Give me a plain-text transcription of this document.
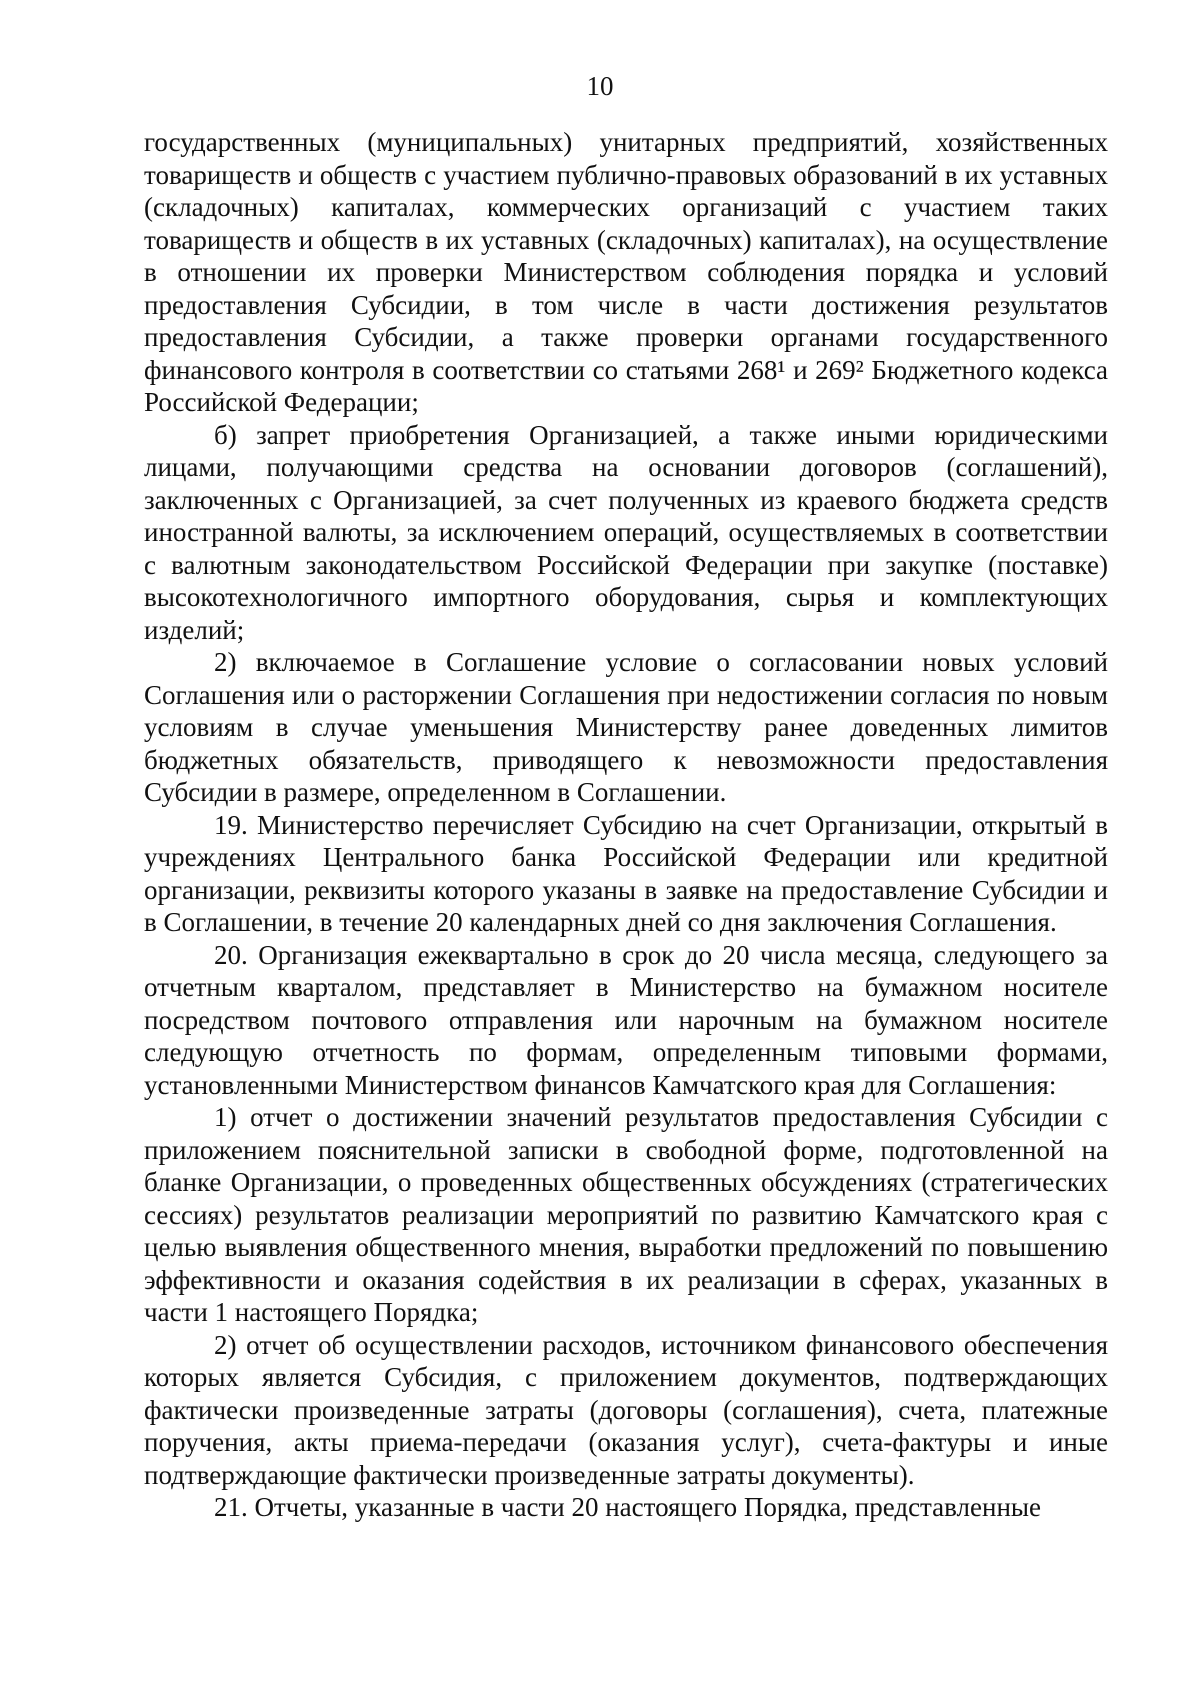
10

государственных (муниципальных) унитарных предприятий, хозяйственных товариществ и обществ с участием публично-правовых образований в их уставных (складочных) капиталах, коммерческих организаций с участием таких товариществ и обществ в их уставных (складочных) капиталах), на осуществление в отношении их проверки Министерством соблюдения порядка и условий предоставления Субсидии, в том числе в части достижения результатов предоставления Субсидии, а также проверки органами государственного финансового контроля в соответствии со статьями 268¹ и 269² Бюджетного кодекса Российской Федерации;

б) запрет приобретения Организацией, а также иными юридическими лицами, получающими средства на основании договоров (соглашений), заключенных с Организацией, за счет полученных из краевого бюджета средств иностранной валюты, за исключением операций, осуществляемых в соответствии с валютным законодательством Российской Федерации при закупке (поставке) высокотехнологичного импортного оборудования, сырья и комплектующих изделий;

2) включаемое в Соглашение условие о согласовании новых условий Соглашения или о расторжении Соглашения при недостижении согласия по новым условиям в случае уменьшения Министерству ранее доведенных лимитов бюджетных обязательств, приводящего к невозможности предоставления Субсидии в размере, определенном в Соглашении.

19. Министерство перечисляет Субсидию на счет Организации, открытый в учреждениях Центрального банка Российской Федерации или кредитной организации, реквизиты которого указаны в заявке на предоставление Субсидии и в Соглашении, в течение 20 календарных дней со дня заключения Соглашения.

20. Организация ежеквартально в срок до 20 числа месяца, следующего за отчетным кварталом, представляет в Министерство на бумажном носителе посредством почтового отправления или нарочным на бумажном носителе следующую отчетность по формам, определенным типовыми формами, установленными Министерством финансов Камчатского края для Соглашения:

1) отчет о достижении значений результатов предоставления Субсидии с приложением пояснительной записки в свободной форме, подготовленной на бланке Организации, о проведенных общественных обсуждениях (стратегических сессиях) результатов реализации мероприятий по развитию Камчатского края с целью выявления общественного мнения, выработки предложений по повышению эффективности и оказания содействия в их реализации в сферах, указанных в части 1 настоящего Порядка;

2) отчет об осуществлении расходов, источником финансового обеспечения которых является Субсидия, с приложением документов, подтверждающих фактически произведенные затраты (договоры (соглашения), счета, платежные поручения, акты приема-передачи (оказания услуг), счета-фактуры и иные подтверждающие фактически произведенные затраты документы).

21. Отчеты, указанные в части 20 настоящего Порядка, представленные
